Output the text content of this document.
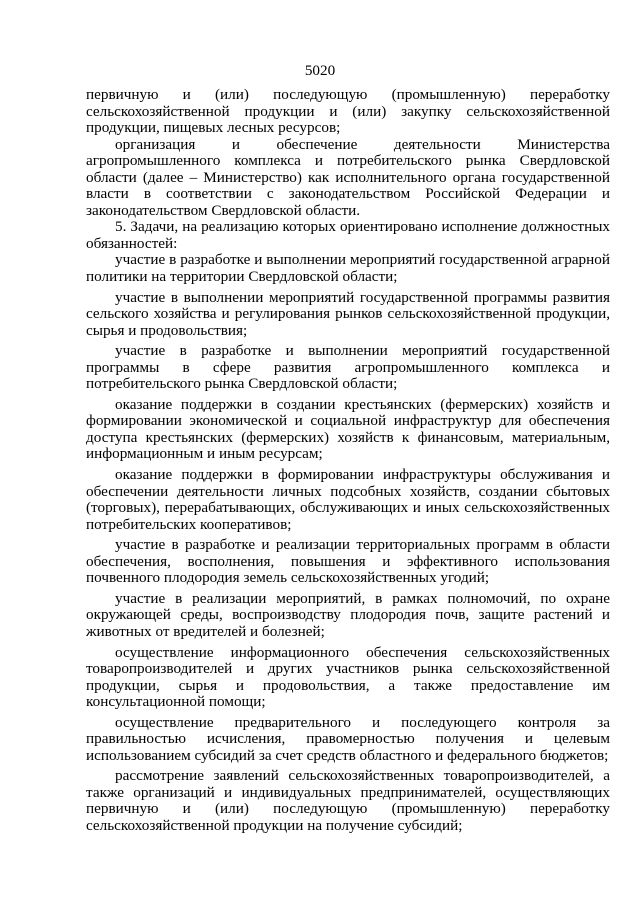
5020

первичную и (или) последующую (промышленную) переработку сельскохозяйственной продукции и (или) закупку сельскохозяйственной продукции, пищевых лесных ресурсов;

организация и обеспечение деятельности Министерства агропромышленного комплекса и потребительского рынка Свердловской области (далее – Министерство) как исполнительного органа государственной власти в соответствии с законодательством Российской Федерации и законодательством Свердловской области.

5. Задачи, на реализацию которых ориентировано исполнение должностных обязанностей:

участие в разработке и выполнении мероприятий государственной аграрной политики на территории Свердловской области;

участие в выполнении мероприятий государственной программы развития сельского хозяйства и регулирования рынков сельскохозяйственной продукции, сырья и продовольствия;

участие в разработке и выполнении мероприятий государственной программы в сфере развития агропромышленного комплекса и потребительского рынка Свердловской области;

оказание поддержки в создании крестьянских (фермерских) хозяйств и формировании экономической и социальной инфраструктур для обеспечения доступа крестьянских (фермерских) хозяйств к финансовым, материальным, информационным и иным ресурсам;

оказание поддержки в формировании инфраструктуры обслуживания и обеспечении деятельности личных подсобных хозяйств, создании сбытовых (торговых), перерабатывающих, обслуживающих и иных сельскохозяйственных потребительских кооперативов;

участие в разработке и реализации территориальных программ в области обеспечения, восполнения, повышения и эффективного использования почвенного плодородия земель сельскохозяйственных угодий;

участие в реализации мероприятий, в рамках полномочий, по охране окружающей среды, воспроизводству плодородия почв, защите растений и животных от вредителей и болезней;

осуществление информационного обеспечения сельскохозяйственных товаропроизводителей и других участников рынка сельскохозяйственной продукции, сырья и продовольствия, а также предоставление им консультационной помощи;

осуществление предварительного и последующего контроля за правильностью исчисления, правомерностью получения и целевым использованием субсидий за счет средств областного и федерального бюджетов;

рассмотрение заявлений сельскохозяйственных товаропроизводителей, а также организаций и индивидуальных предпринимателей, осуществляющих первичную и (или) последующую (промышленную) переработку сельскохозяйственной продукции на получение субсидий;
